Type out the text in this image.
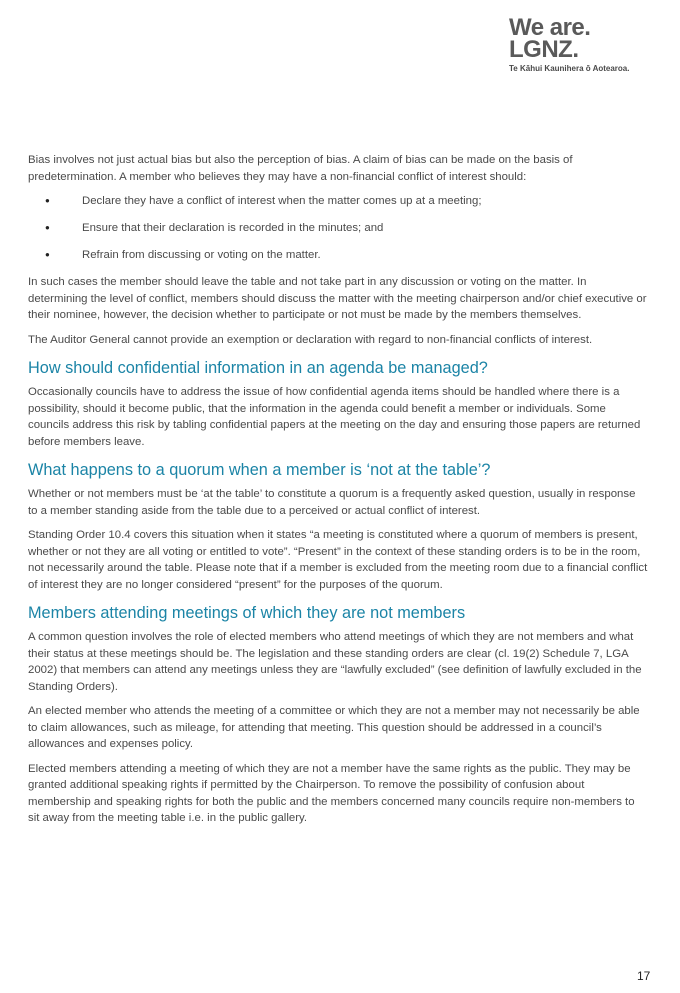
We are.
LGNZ.
Te Kāhui Kaunihera ō Aotearoa.

Bias involves not just actual bias but also the perception of bias. A claim of bias can be made on the basis of predetermination. A member who believes they may have a non-financial conflict of interest should:

● Declare they have a conflict of interest when the matter comes up at a meeting;
● Ensure that their declaration is recorded in the minutes; and
● Refrain from discussing or voting on the matter.

In such cases the member should leave the table and not take part in any discussion or voting on the matter. In determining the level of conflict, members should discuss the matter with the meeting chairperson and/or chief executive or their nominee, however, the decision whether to participate or not must be made by the members themselves.

The Auditor General cannot provide an exemption or declaration with regard to non-financial conflicts of interest.

How should confidential information in an agenda be managed?

Occasionally councils have to address the issue of how confidential agenda items should be handled where there is a possibility, should it become public, that the information in the agenda could benefit a member or individuals. Some councils address this risk by tabling confidential papers at the meeting on the day and ensuring those papers are returned before members leave.

What happens to a quorum when a member is ‘not at the table’?

Whether or not members must be ‘at the table’ to constitute a quorum is a frequently asked question, usually in response to a member standing aside from the table due to a perceived or actual conflict of interest.

Standing Order 10.4 covers this situation when it states “a meeting is constituted where a quorum of members is present, whether or not they are all voting or entitled to vote”. “Present” in the context of these standing orders is to be in the room, not necessarily around the table. Please note that if a member is excluded from the meeting room due to a financial conflict of interest they are no longer considered “present” for the purposes of the quorum.

Members attending meetings of which they are not members

A common question involves the role of elected members who attend meetings of which they are not members and what their status at these meetings should be. The legislation and these standing orders are clear (cl. 19(2) Schedule 7, LGA 2002) that members can attend any meetings unless they are “lawfully excluded” (see definition of lawfully excluded in the Standing Orders).

An elected member who attends the meeting of a committee or which they are not a member may not necessarily be able to claim allowances, such as mileage, for attending that meeting. This question should be addressed in a council’s allowances and expenses policy.

Elected members attending a meeting of which they are not a member have the same rights as the public. They may be granted additional speaking rights if permitted by the Chairperson. To remove the possibility of confusion about membership and speaking rights for both the public and the members concerned many councils require non-members to sit away from the meeting table i.e. in the public gallery.

17
